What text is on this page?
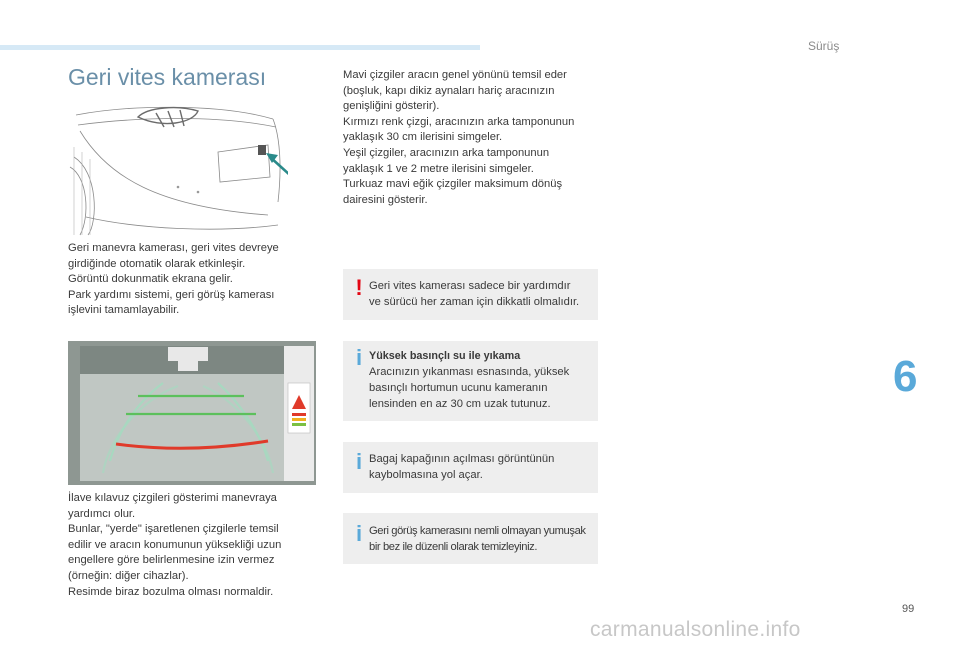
Sürüş
Geri vites kamerası

Geri manevra kamerası, geri vites devreye
girdiğinde otomatik olarak etkinleşir.
Görüntü dokunmatik ekrana gelir.
Park yardımı sistemi, geri görüş kamerası
işlevini tamamlayabilir.

İlave kılavuz çizgileri gösterimi manevraya
yardımcı olur.
Bunlar, "yerde" işaretlenen çizgilerle temsil
edilir ve aracın konumunun yüksekliği uzun
engellere göre belirlenmesine izin vermez
(örneğin: diğer cihazlar).
Resimde biraz bozulma olması normaldir.

Mavi çizgiler aracın genel yönünü temsil eder
(boşluk, kapı dikiz aynaları hariç aracınızın
genişliğini gösterir).
Kırmızı renk çizgi, aracınızın arka tamponunun
yaklaşık 30 cm ilerisini simgeler.
Yeşil çizgiler, aracınızın arka tamponunun
yaklaşık 1 ve 2 metre ilerisini simgeler.
Turkuaz mavi eğik çizgiler maksimum dönüş
dairesini gösterir.

! Geri vites kamerası sadece bir yardımdır
ve sürücü her zaman için dikkatli olmalıdır.
i Yüksek basınçlı su ile yıkama
Aracınızın yıkanması esnasında, yüksek
basınçlı hortumun ucunu kameranın
lensinden en az 30 cm uzak tutunuz.
i Bagaj kapağının açılması görüntünün
kaybolmasına yol açar.
i Geri görüş kamerasını nemli olmayan yumuşak
bir bez ile düzenli olarak temizleyiniz.
6
99
carmanualsonline.info
